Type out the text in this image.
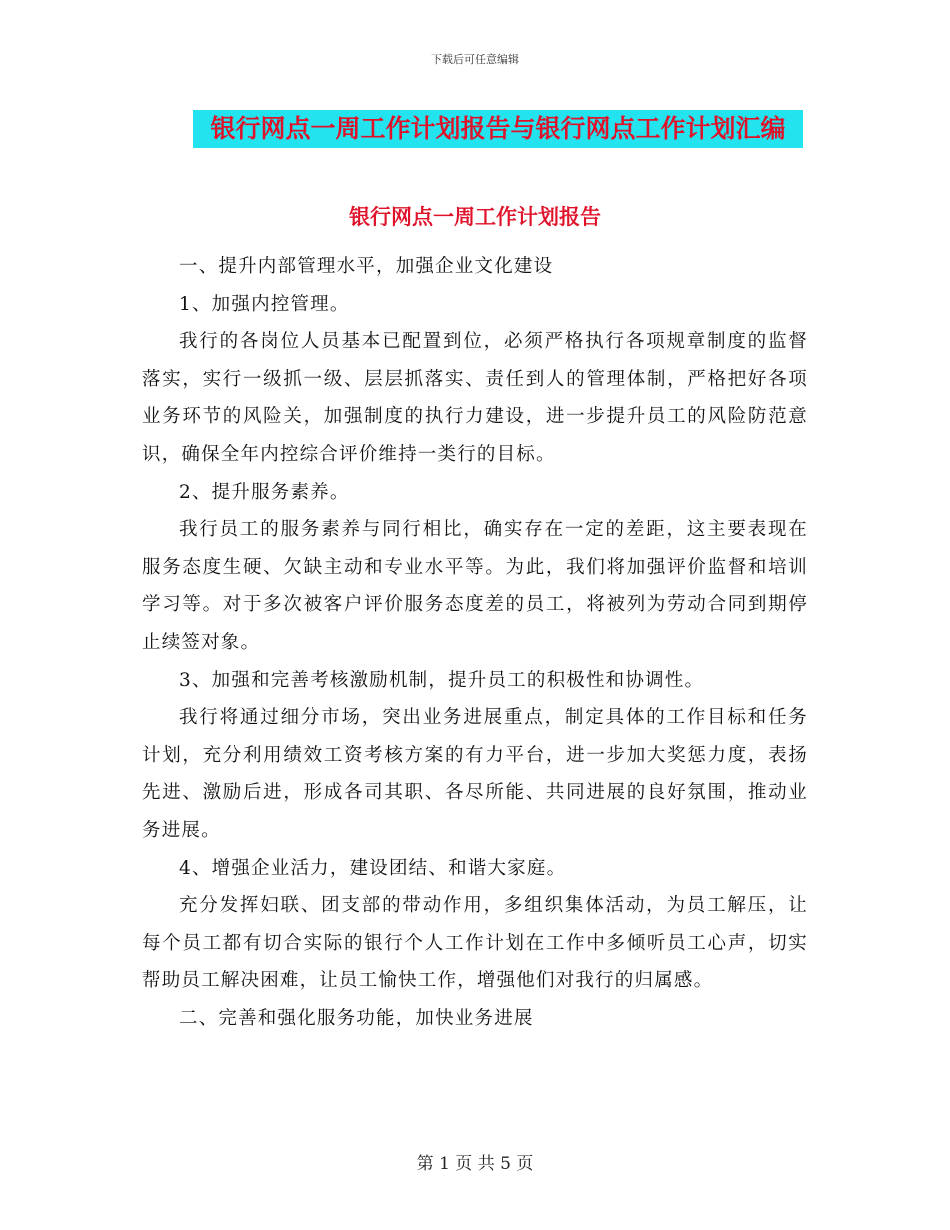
下载后可任意编辑
银行网点一周工作计划报告与银行网点工作计划汇编
银行网点一周工作计划报告

一、提升内部管理水平，加强企业文化建设

1、加强内控管理。

我行的各岗位人员基本已配置到位，必须严格执行各项规章制度的监督落实，实行一级抓一级、层层抓落实、责任到人的管理体制，严格把好各项业务环节的风险关，加强制度的执行力建设，进一步提升员工的风险防范意识，确保全年内控综合评价维持一类行的目标。

2、提升服务素养。

我行员工的服务素养与同行相比，确实存在一定的差距，这主要表现在服务态度生硬、欠缺主动和专业水平等。为此，我们将加强评价监督和培训学习等。对于多次被客户评价服务态度差的员工，将被列为劳动合同到期停止续签对象。

3、加强和完善考核激励机制，提升员工的积极性和协调性。

我行将通过细分市场，突出业务进展重点，制定具体的工作目标和任务计划，充分利用绩效工资考核方案的有力平台，进一步加大奖惩力度，表扬先进、激励后进，形成各司其职、各尽所能、共同进展的良好氛围，推动业务进展。

4、增强企业活力，建设团结、和谐大家庭。

充分发挥妇联、团支部的带动作用，多组织集体活动，为员工解压，让每个员工都有切合实际的银行个人工作计划在工作中多倾听员工心声，切实帮助员工解决困难，让员工愉快工作，增强他们对我行的归属感。

二、完善和强化服务功能，加快业务进展

第 1 页 共 5 页
